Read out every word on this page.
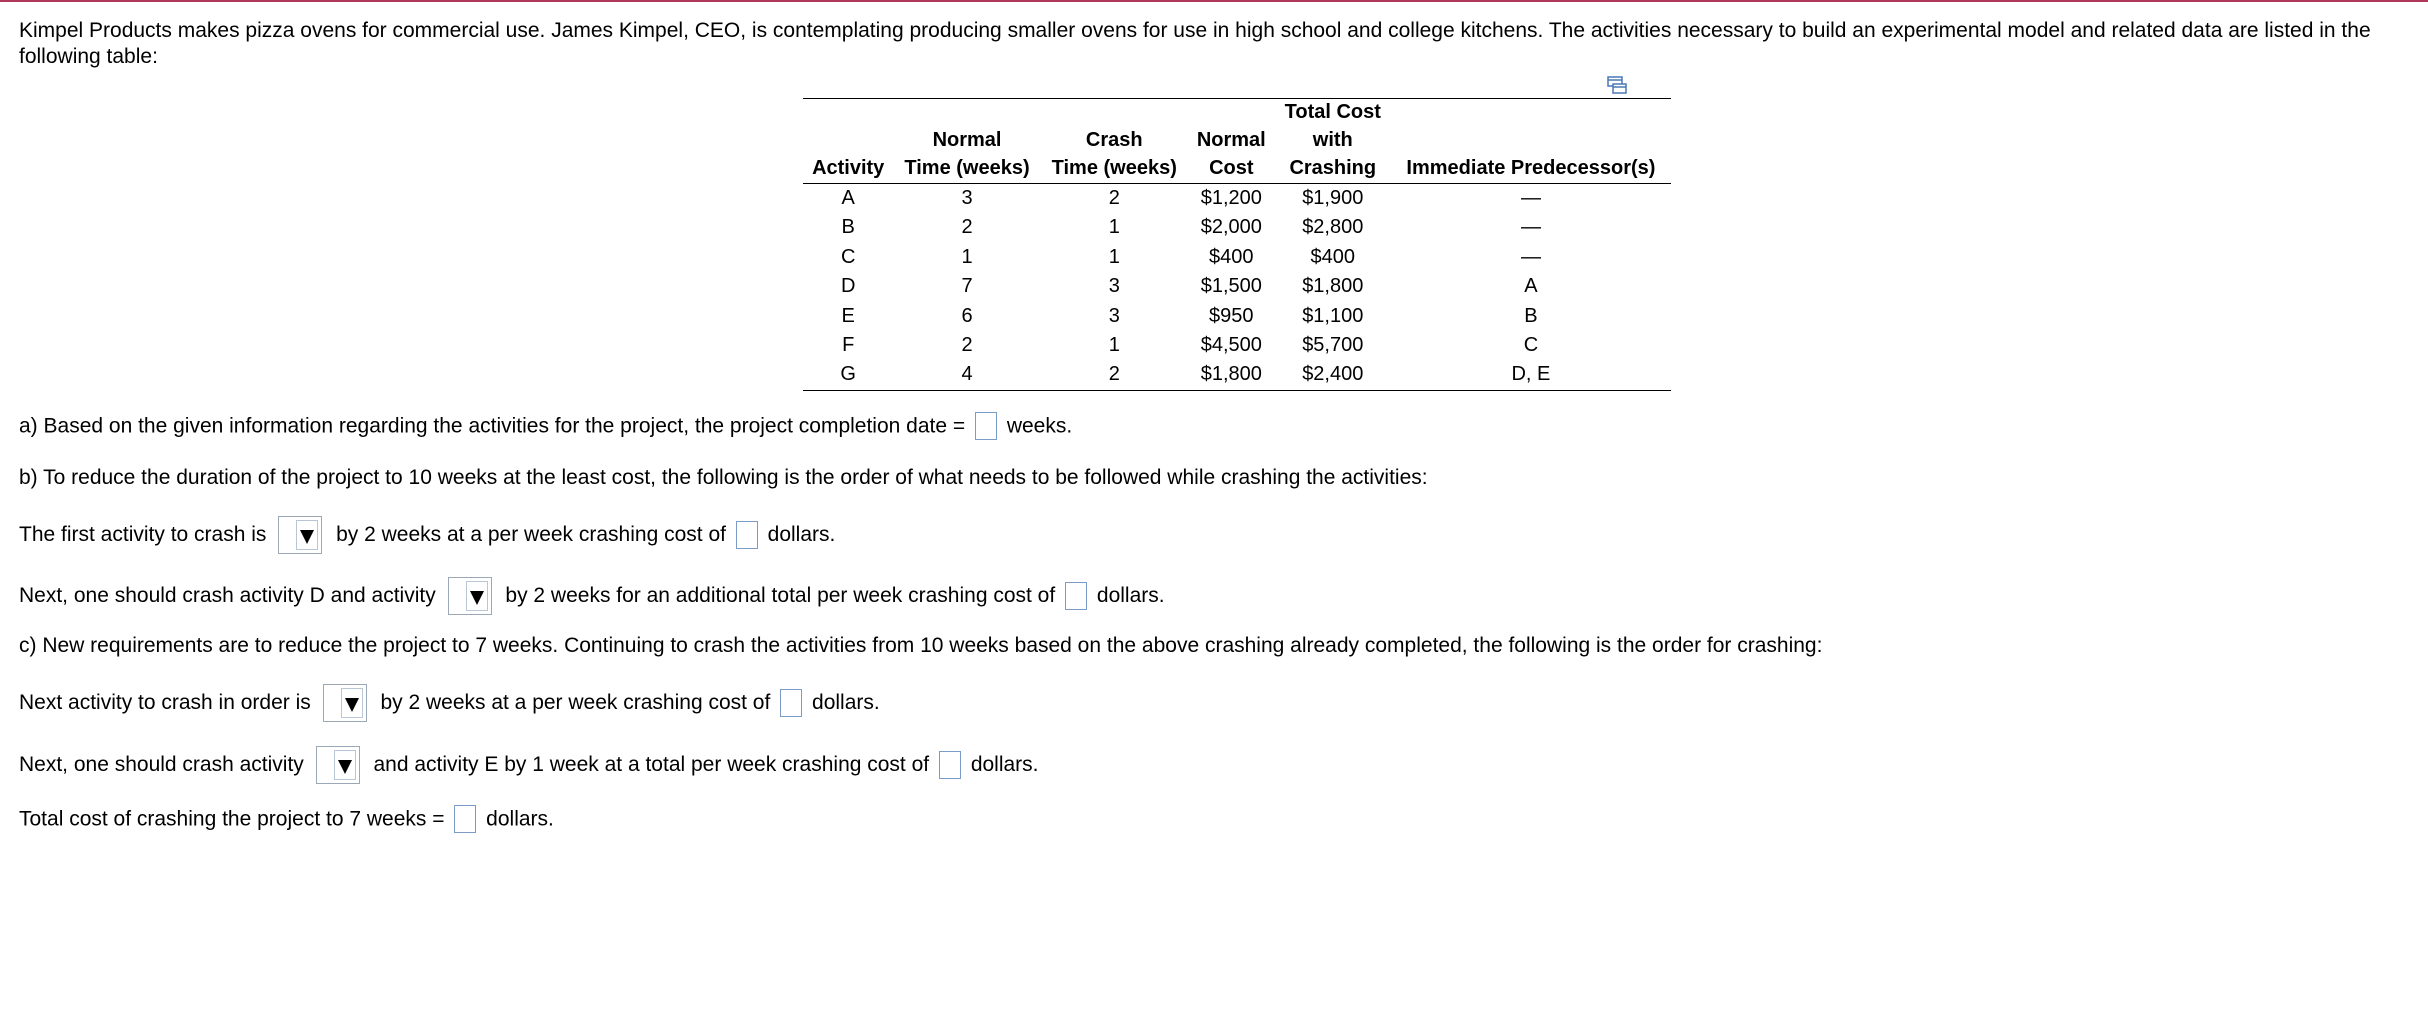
Kimpel Products makes pizza ovens for commercial use. James Kimpel, CEO, is contemplating producing smaller ovens for use in high school and college kitchens. The activities necessary to build an experimental model and related data are listed in the following table:

				Total Cost	
	Normal	Crash	Normal	with	
Activity	Time (weeks)	Time (weeks)	Cost	Crashing	Immediate Predecessor(s)
A	3	2	$1,200	$1,900	—
B	2	1	$2,000	$2,800	—
C	1	1	$400	$400	—
D	7	3	$1,500	$1,800	A
E	6	3	$950	$1,100	B
F	2	1	$4,500	$5,700	C
G	4	2	$1,800	$2,400	D, E

a) Based on the given information regarding the activities for the project, the project completion date = weeks.

b) To reduce the duration of the project to 10 weeks at the least cost, the following is the order of what needs to be followed while crashing the activities:

The first activity to crash is	by 2 weeks at a per week crashing cost of dollars.

Next, one should crash activity D and activity	by 2 weeks for an additional total per week crashing cost of dollars.

c) New requirements are to reduce the project to 7 weeks. Continuing to crash the activities from 10 weeks based on the above crashing already completed, the following is the order for crashing:

Next activity to crash in order is	by 2 weeks at a per week crashing cost of dollars.

Next, one should crash activity	and activity E by 1 week at a total per week crashing cost of dollars.

Total cost of crashing the project to 7 weeks = dollars.
